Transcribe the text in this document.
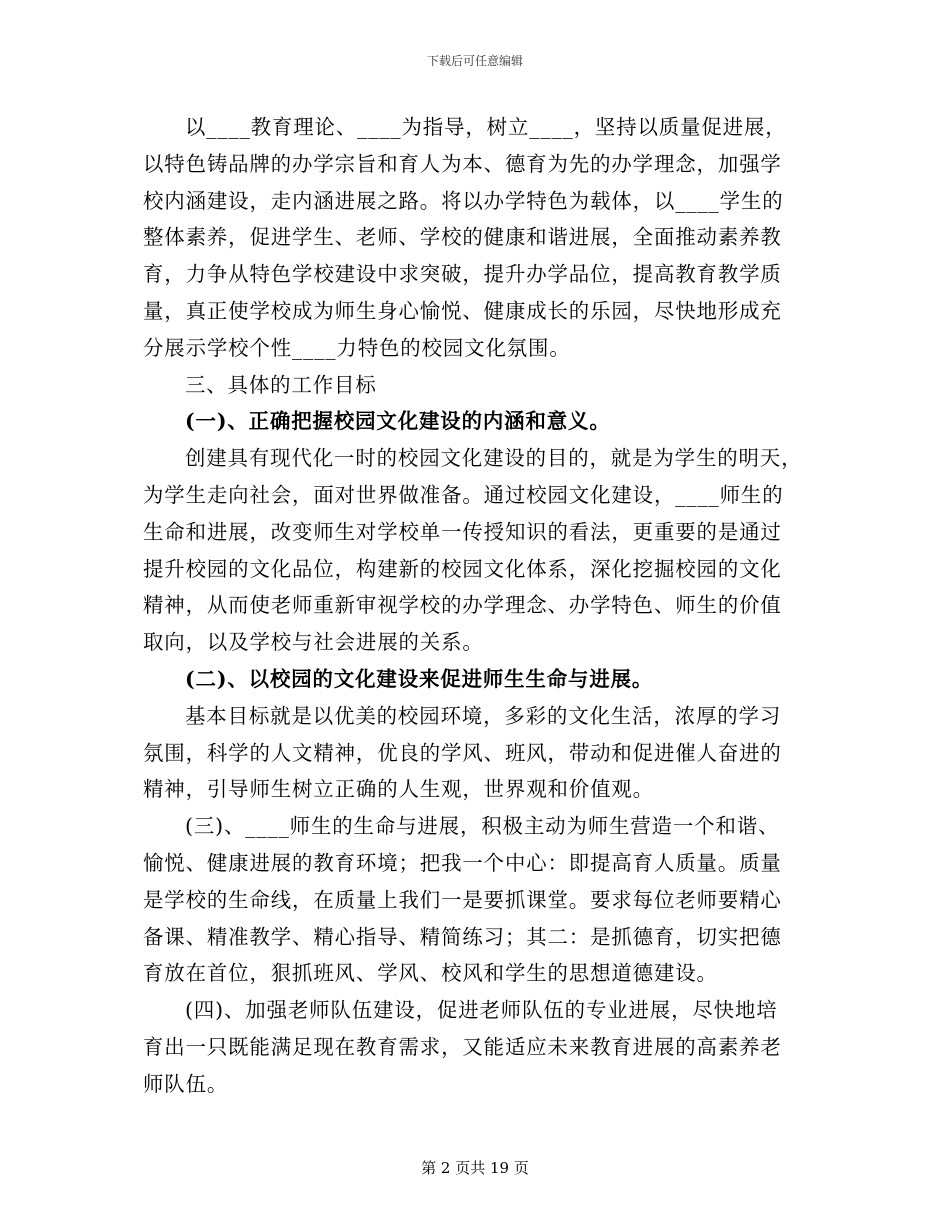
下载后可任意编辑
以____教育理论、____为指导，树立____，坚持以质量促进展，
以特色铸品牌的办学宗旨和育人为本、德育为先的办学理念，加强学
校内涵建设，走内涵进展之路。将以办学特色为载体，以____学生的
整体素养，促进学生、老师、学校的健康和谐进展，全面推动素养教
育，力争从特色学校建设中求突破，提升办学品位，提高教育教学质
量，真正使学校成为师生身心愉悦、健康成长的乐园，尽快地形成充
分展示学校个性____力特色的校园文化氛围。
三、具体的工作目标
(一)、正确把握校园文化建设的内涵和意义。
创建具有现代化一时的校园文化建设的目的，就是为学生的明天，
为学生走向社会，面对世界做准备。通过校园文化建设，____师生的
生命和进展，改变师生对学校单一传授知识的看法，更重要的是通过
提升校园的文化品位，构建新的校园文化体系，深化挖掘校园的文化
精神，从而使老师重新审视学校的办学理念、办学特色、师生的价值
取向，以及学校与社会进展的关系。
(二)、以校园的文化建设来促进师生生命与进展。
基本目标就是以优美的校园环境，多彩的文化生活，浓厚的学习
氛围，科学的人文精神，优良的学风、班风，带动和促进催人奋进的
精神，引导师生树立正确的人生观，世界观和价值观。
(三)、____师生的生命与进展，积极主动为师生营造一个和谐、
愉悦、健康进展的教育环境；把我一个中心：即提高育人质量。质量
是学校的生命线，在质量上我们一是要抓课堂。要求每位老师要精心
备课、精准教学、精心指导、精简练习；其二：是抓德育，切实把德
育放在首位，狠抓班风、学风、校风和学生的思想道德建设。
(四)、加强老师队伍建设，促进老师队伍的专业进展，尽快地培
育出一只既能满足现在教育需求，又能适应未来教育进展的高素养老
师队伍。
第 2 页共 19 页
